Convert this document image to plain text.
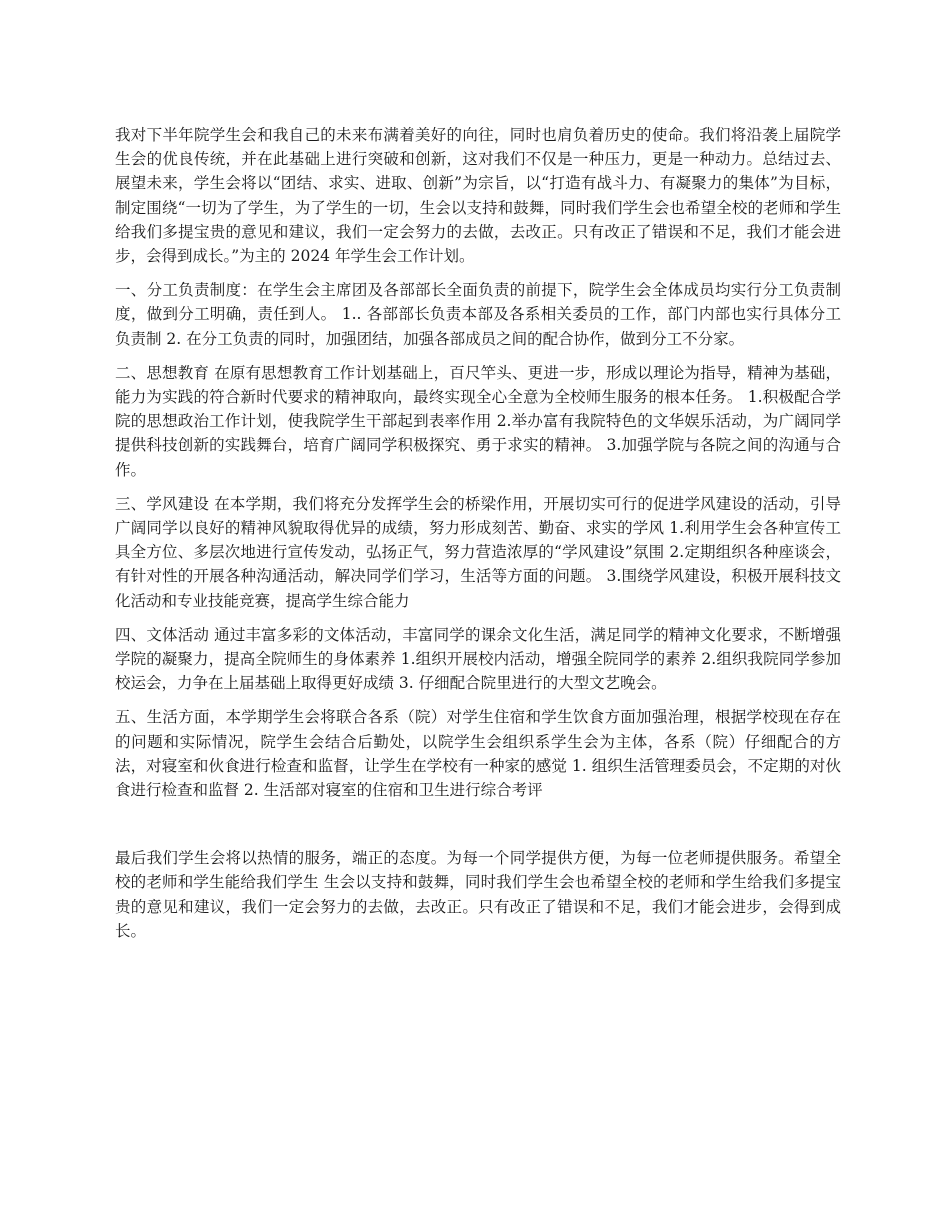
我对下半年院学生会和我自己的未来布满着美好的向往，同时也肩负着历史的使命。我们将沿袭上届院学生会的优良传统，并在此基础上进行突破和创新，这对我们不仅是一种压力，更是一种动力。总结过去、展望未来，学生会将以“团结、求实、进取、创新”为宗旨，以“打造有战斗力、有凝聚力的集体”为目标，制定围绕“一切为了学生，为了学生的一切，生会以支持和鼓舞，同时我们学生会也希望全校的老师和学生给我们多提宝贵的意见和建议，我们一定会努力的去做，去改正。只有改正了错误和不足，我们才能会进步，会得到成长。”为主的 2024 年学生会工作计划。

一、分工负责制度：在学生会主席团及各部部长全面负责的前提下，院学生会全体成员均实行分工负责制度，做到分工明确，责任到人。 1.. 各部部长负责本部及各系相关委员的工作，部门内部也实行具体分工负责制 2. 在分工负责的同时，加强团结，加强各部成员之间的配合协作，做到分工不分家。

二、思想教育 在原有思想教育工作计划基础上，百尺竿头、更进一步，形成以理论为指导，精神为基础，能力为实践的符合新时代要求的精神取向，最终实现全心全意为全校师生服务的根本任务。 1.积极配合学院的思想政治工作计划，使我院学生干部起到表率作用 2.举办富有我院特色的文华娱乐活动，为广阔同学提供科技创新的实践舞台，培育广阔同学积极探究、勇于求实的精神。 3.加强学院与各院之间的沟通与合作。

三、学风建设 在本学期，我们将充分发挥学生会的桥梁作用，开展切实可行的促进学风建设的活动，引导广阔同学以良好的精神风貌取得优异的成绩，努力形成刻苦、勤奋、求实的学风 1.利用学生会各种宣传工具全方位、多层次地进行宣传发动，弘扬正气，努力营造浓厚的“学风建设”氛围 2.定期组织各种座谈会，有针对性的开展各种沟通活动，解决同学们学习，生活等方面的问题。 3.围绕学风建设，积极开展科技文化活动和专业技能竞赛，提高学生综合能力

四、文体活动 通过丰富多彩的文体活动，丰富同学的课余文化生活，满足同学的精神文化要求，不断增强学院的凝聚力，提高全院师生的身体素养 1.组织开展校内活动，增强全院同学的素养 2.组织我院同学参加校运会，力争在上届基础上取得更好成绩 3. 仔细配合院里进行的大型文艺晚会。

五、生活方面，本学期学生会将联合各系（院）对学生住宿和学生饮食方面加强治理，根据学校现在存在的问题和实际情况，院学生会结合后勤处，以院学生会组织系学生会为主体，各系（院）仔细配合的方法，对寝室和伙食进行检查和监督，让学生在学校有一种家的感觉 1. 组织生活管理委员会，不定期的对伙食进行检查和监督 2. 生活部对寝室的住宿和卫生进行综合考评

最后我们学生会将以热情的服务，端正的态度。为每一个同学提供方便，为每一位老师提供服务。希望全校的老师和学生能给我们学生 生会以支持和鼓舞，同时我们学生会也希望全校的老师和学生给我们多提宝贵的意见和建议，我们一定会努力的去做，去改正。只有改正了错误和不足，我们才能会进步，会得到成长。
